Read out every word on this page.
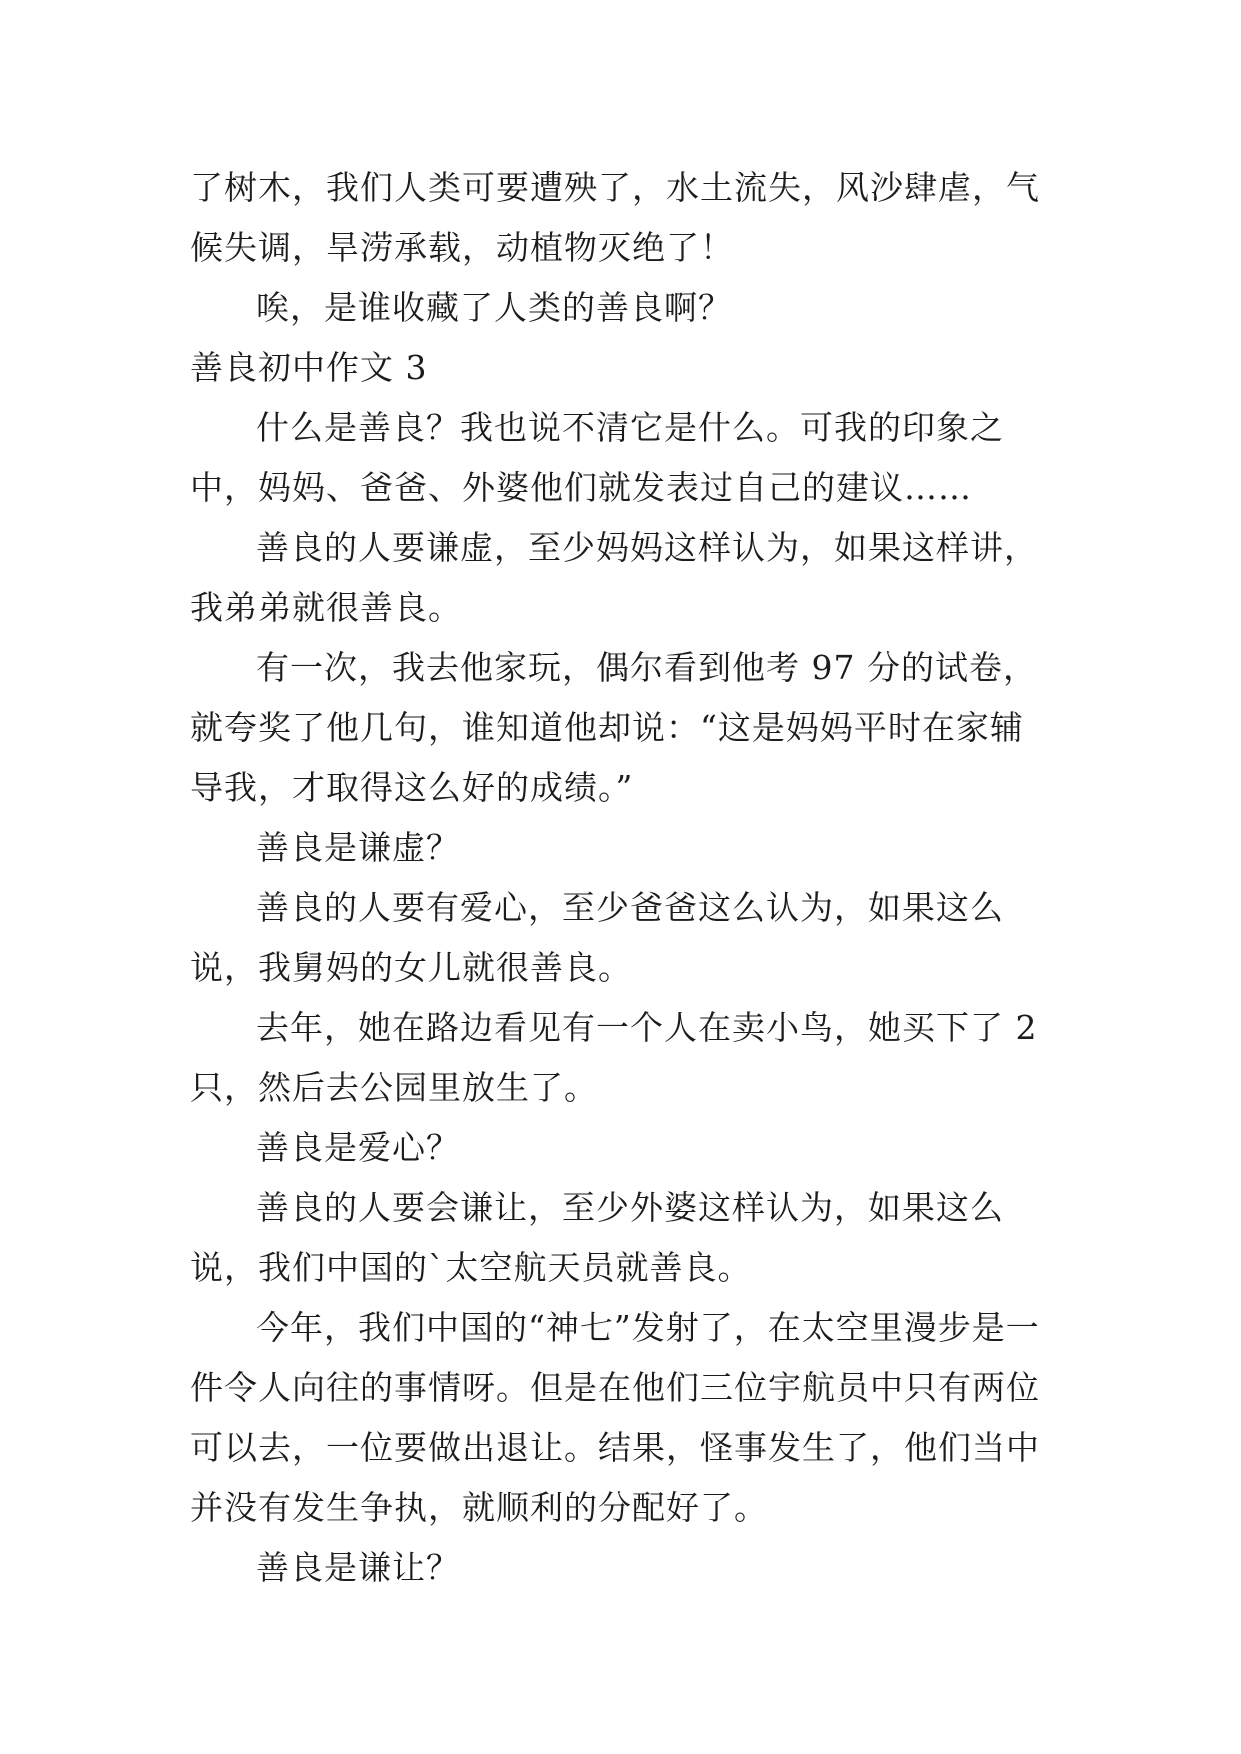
了树木，我们人类可要遭殃了，水土流失，风沙肆虐，气候失调，旱涝承载，动植物灭绝了！

唉，是谁收藏了人类的善良啊？

善良初中作文 3

什么是善良？我也说不清它是什么。可我的印象之中，妈妈、爸爸、外婆他们就发表过自己的建议……

善良的人要谦虚，至少妈妈这样认为，如果这样讲，我弟弟就很善良。

有一次，我去他家玩，偶尔看到他考 97 分的试卷，就夸奖了他几句，谁知道他却说：“这是妈妈平时在家辅导我，才取得这么好的成绩。”

善良是谦虚？

善良的人要有爱心，至少爸爸这么认为，如果这么说，我舅妈的女儿就很善良。

去年，她在路边看见有一个人在卖小鸟，她买下了 2 只，然后去公园里放生了。

善良是爱心？

善良的人要会谦让，至少外婆这样认为，如果这么说，我们中国的`太空航天员就善良。

今年，我们中国的“神七”发射了，在太空里漫步是一件令人向往的事情呀。但是在他们三位宇航员中只有两位可以去，一位要做出退让。结果，怪事发生了，他们当中并没有发生争执，就顺利的分配好了。

善良是谦让？
